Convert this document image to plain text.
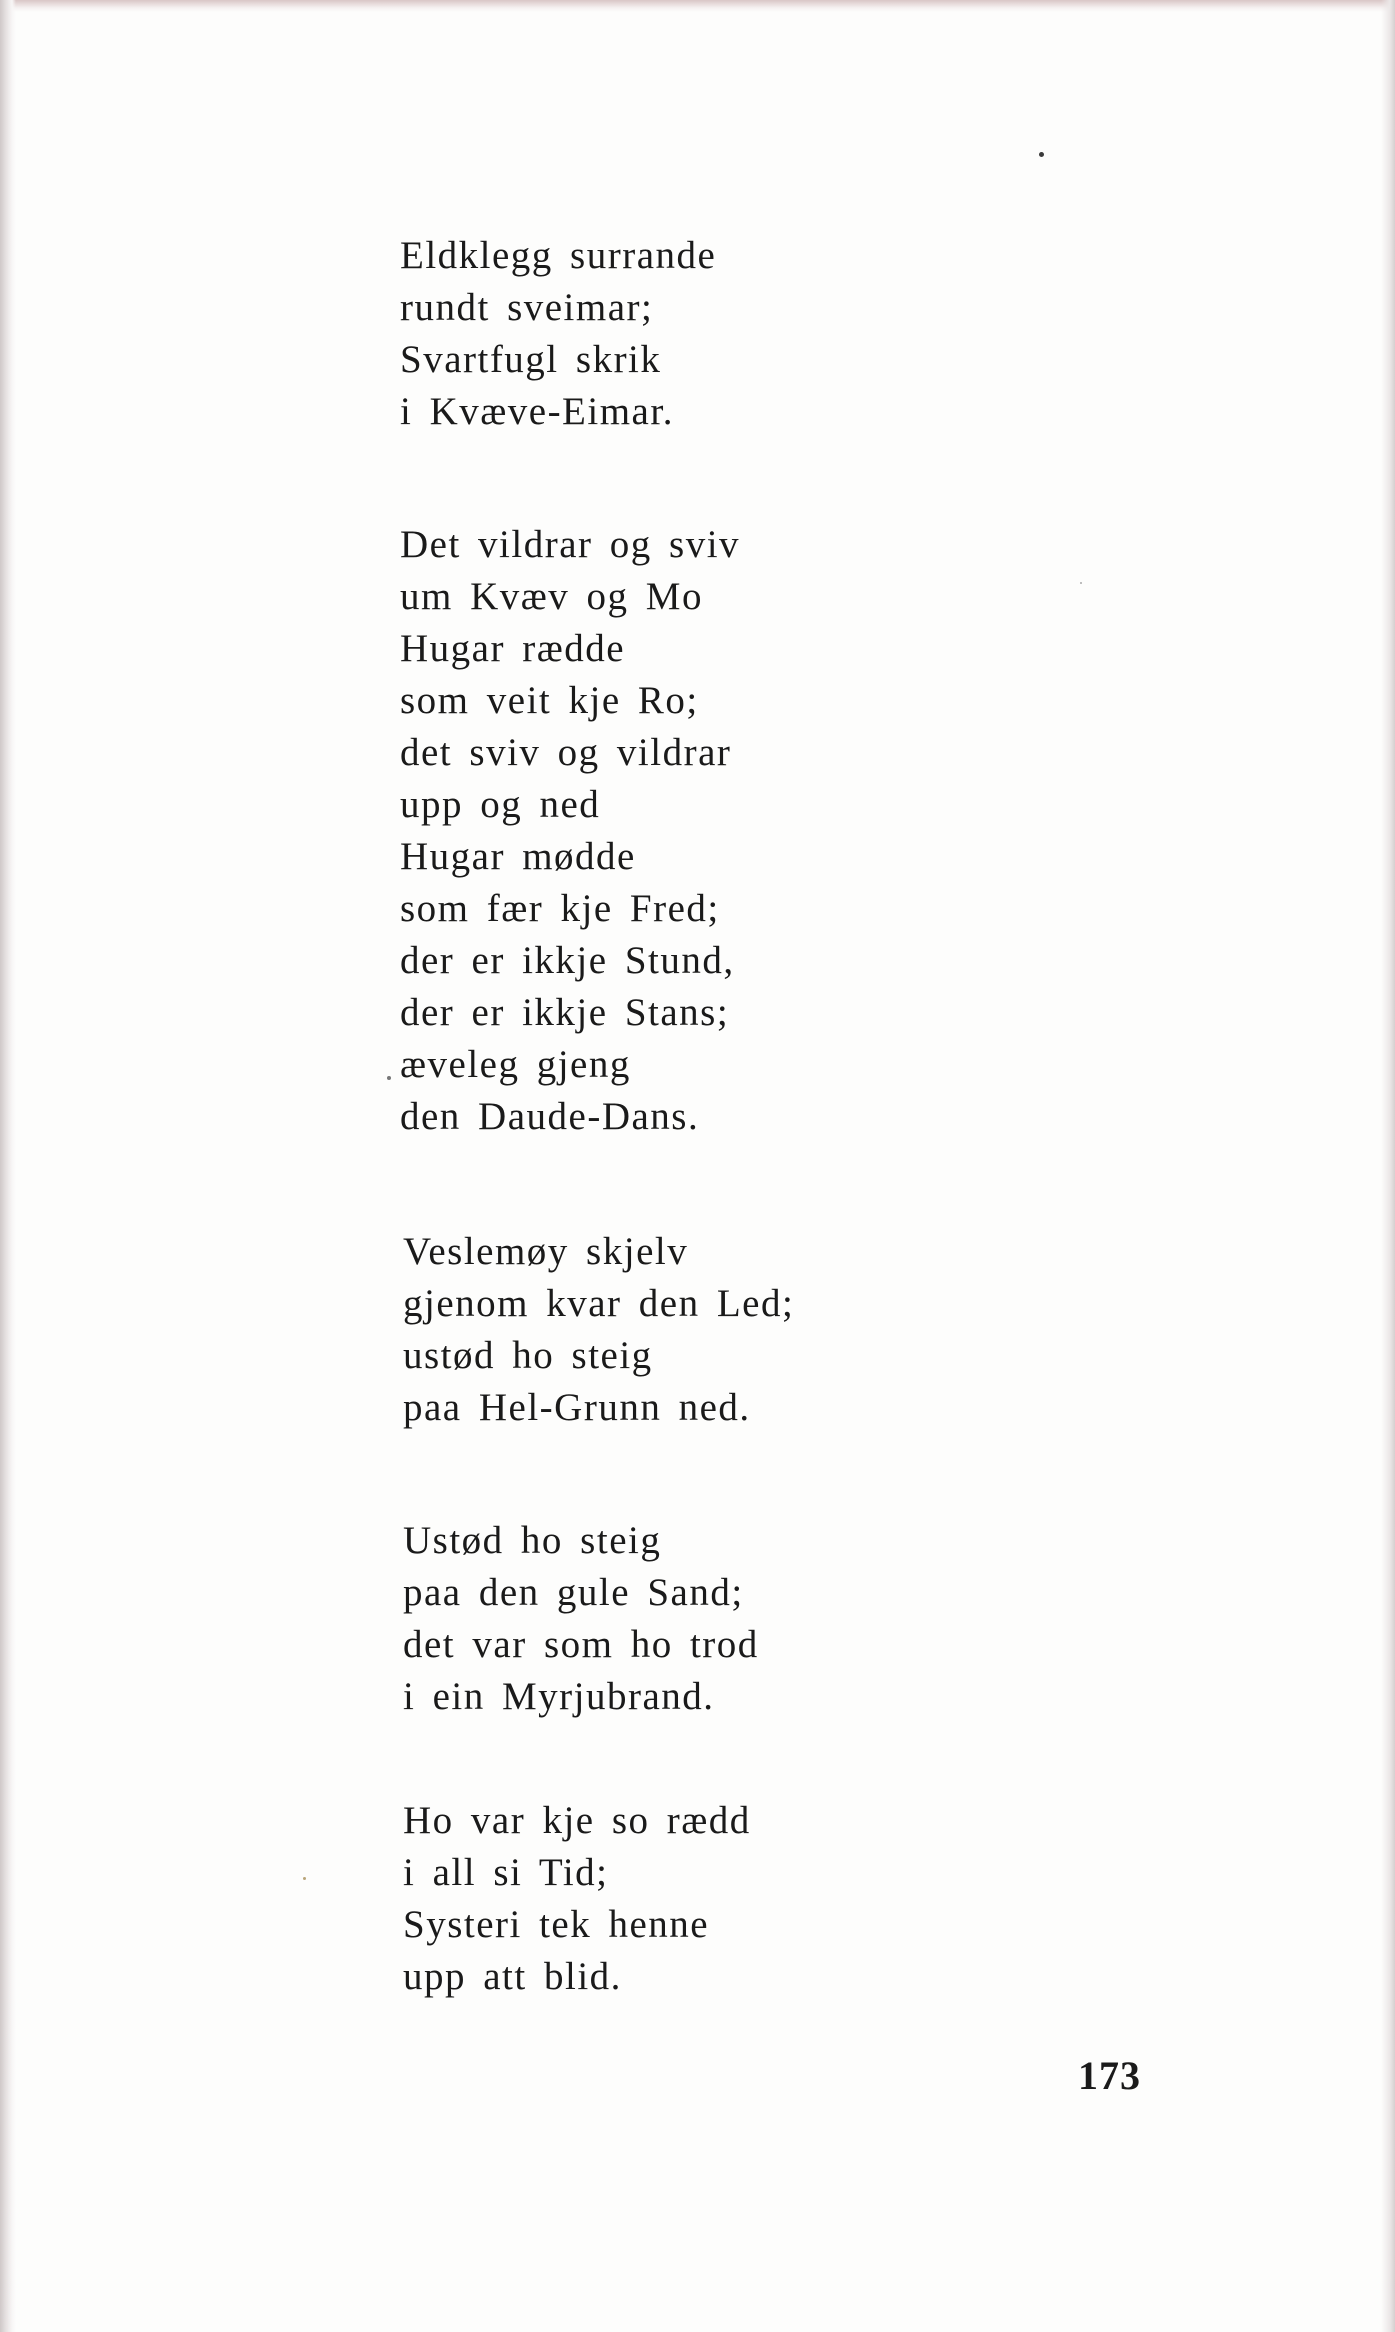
Eldklegg surrande
rundt sveimar;
Svartfugl skrik
i Kvæve-Eimar.
Det vildrar og sviv
um Kvæv og Mo
Hugar rædde
som veit kje Ro;
det sviv og vildrar
upp og ned
Hugar mødde
som fær kje Fred;
der er ikkje Stund,
der er ikkje Stans;
æveleg gjeng
den Daude-Dans.
Veslemøy skjelv
gjenom kvar den Led;
ustød ho steig
paa Hel-Grunn ned.
Ustød ho steig
paa den gule Sand;
det var som ho trod
i ein Myrjubrand.
Ho var kje so rædd
i all si Tid;
Systeri tek henne
upp att blid.
173
